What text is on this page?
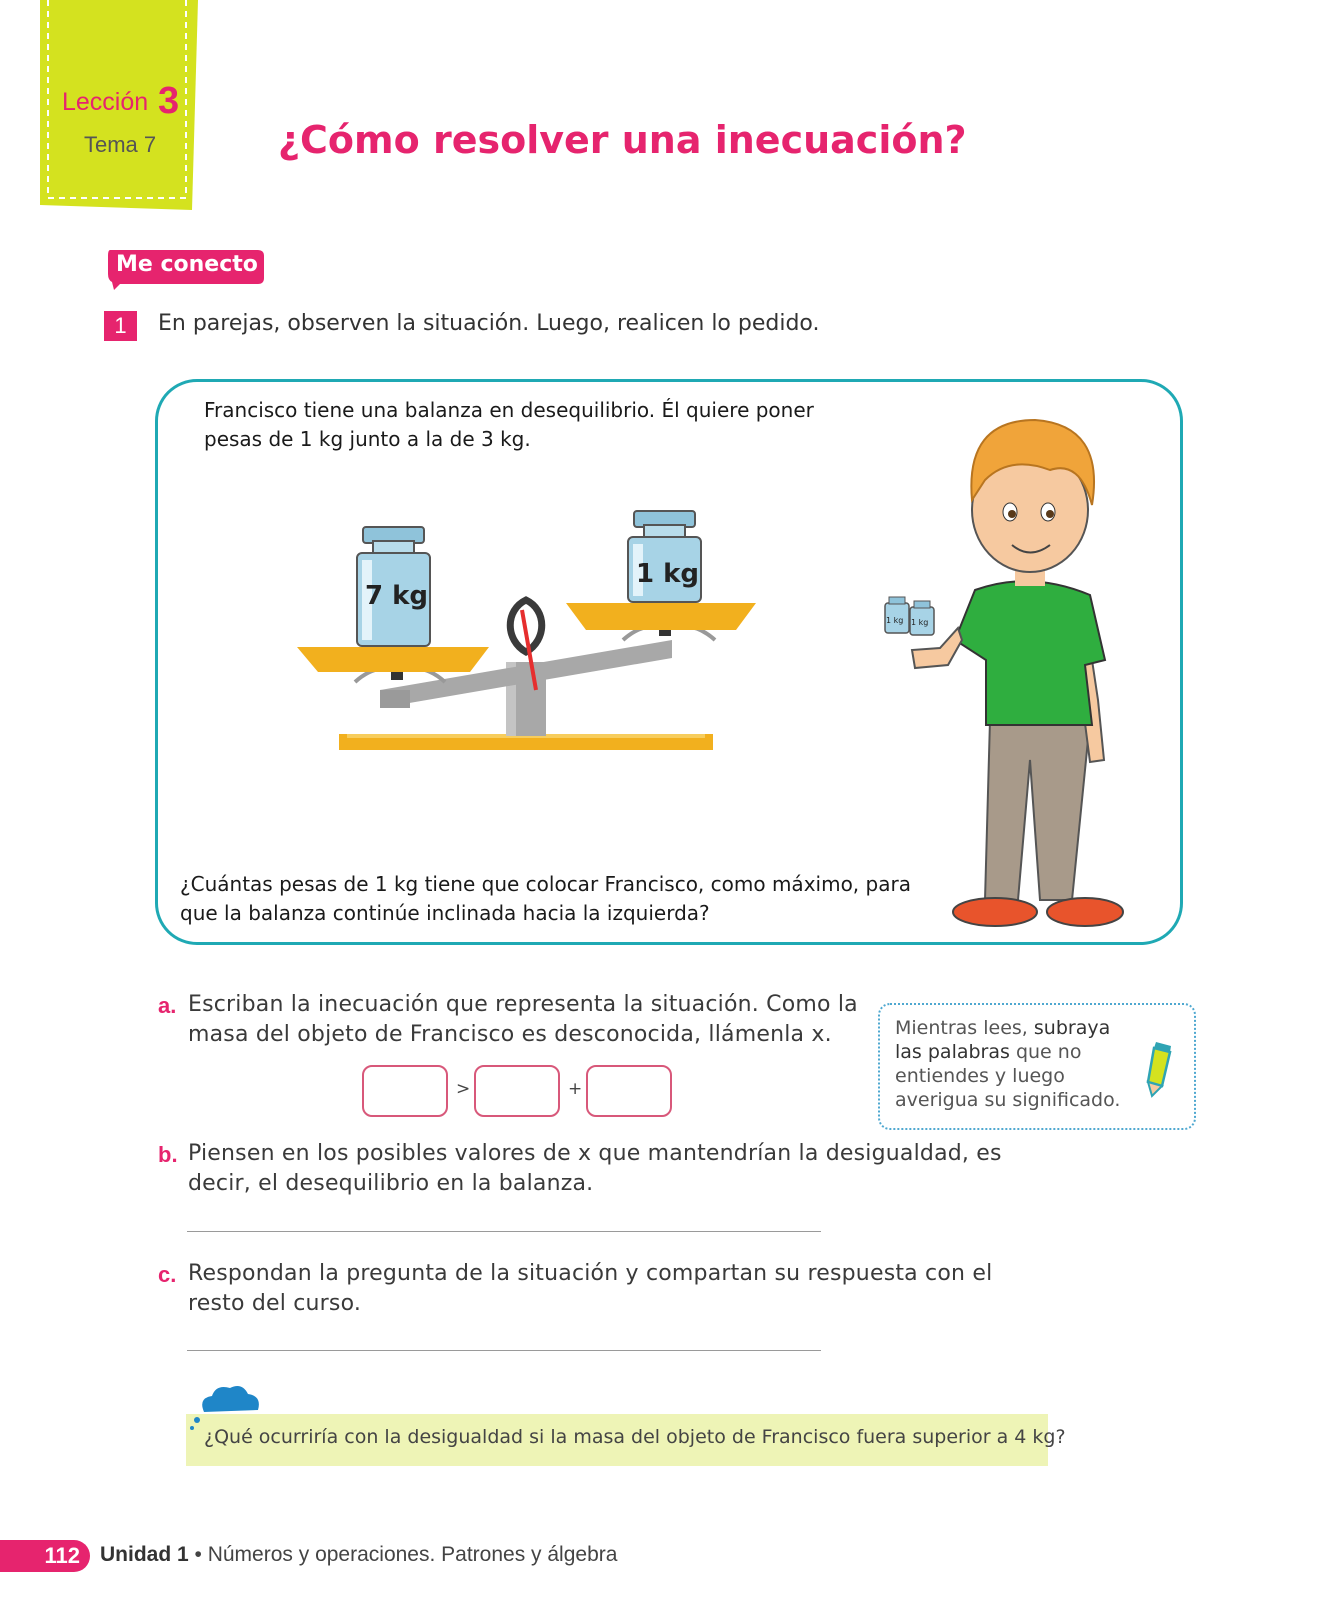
Lección 3
Tema 7	¿Cómo resolver una inecuación?
Me conecto
1	En parejas, observen la situación. Luego, realicen lo pedido.
Francisco tiene una balanza en desequilibrio. Él quiere poner pesas de 1 kg junto a la de 3 kg.
7 kg
1 kg
1 kg 1 kg
¿Cuántas pesas de 1 kg tiene que colocar Francisco, como máximo, para que la balanza continúe inclinada hacia la izquierda?
a. Escriban la inecuación que representa la situación. Como la masa del objeto de Francisco es desconocida, llámenla x.
>	+
Mientras lees, subraya las palabras que no entiendes y luego averigua su significado.
b. Piensen en los posibles valores de x que mantendrían la desigualdad, es decir, el desequilibrio en la balanza.
c. Respondan la pregunta de la situación y compartan su respuesta con el resto del curso.
¿Qué ocurriría con la desigualdad si la masa del objeto de Francisco fuera superior a 4 kg?
112 Unidad 1 • Números y operaciones. Patrones y álgebra
